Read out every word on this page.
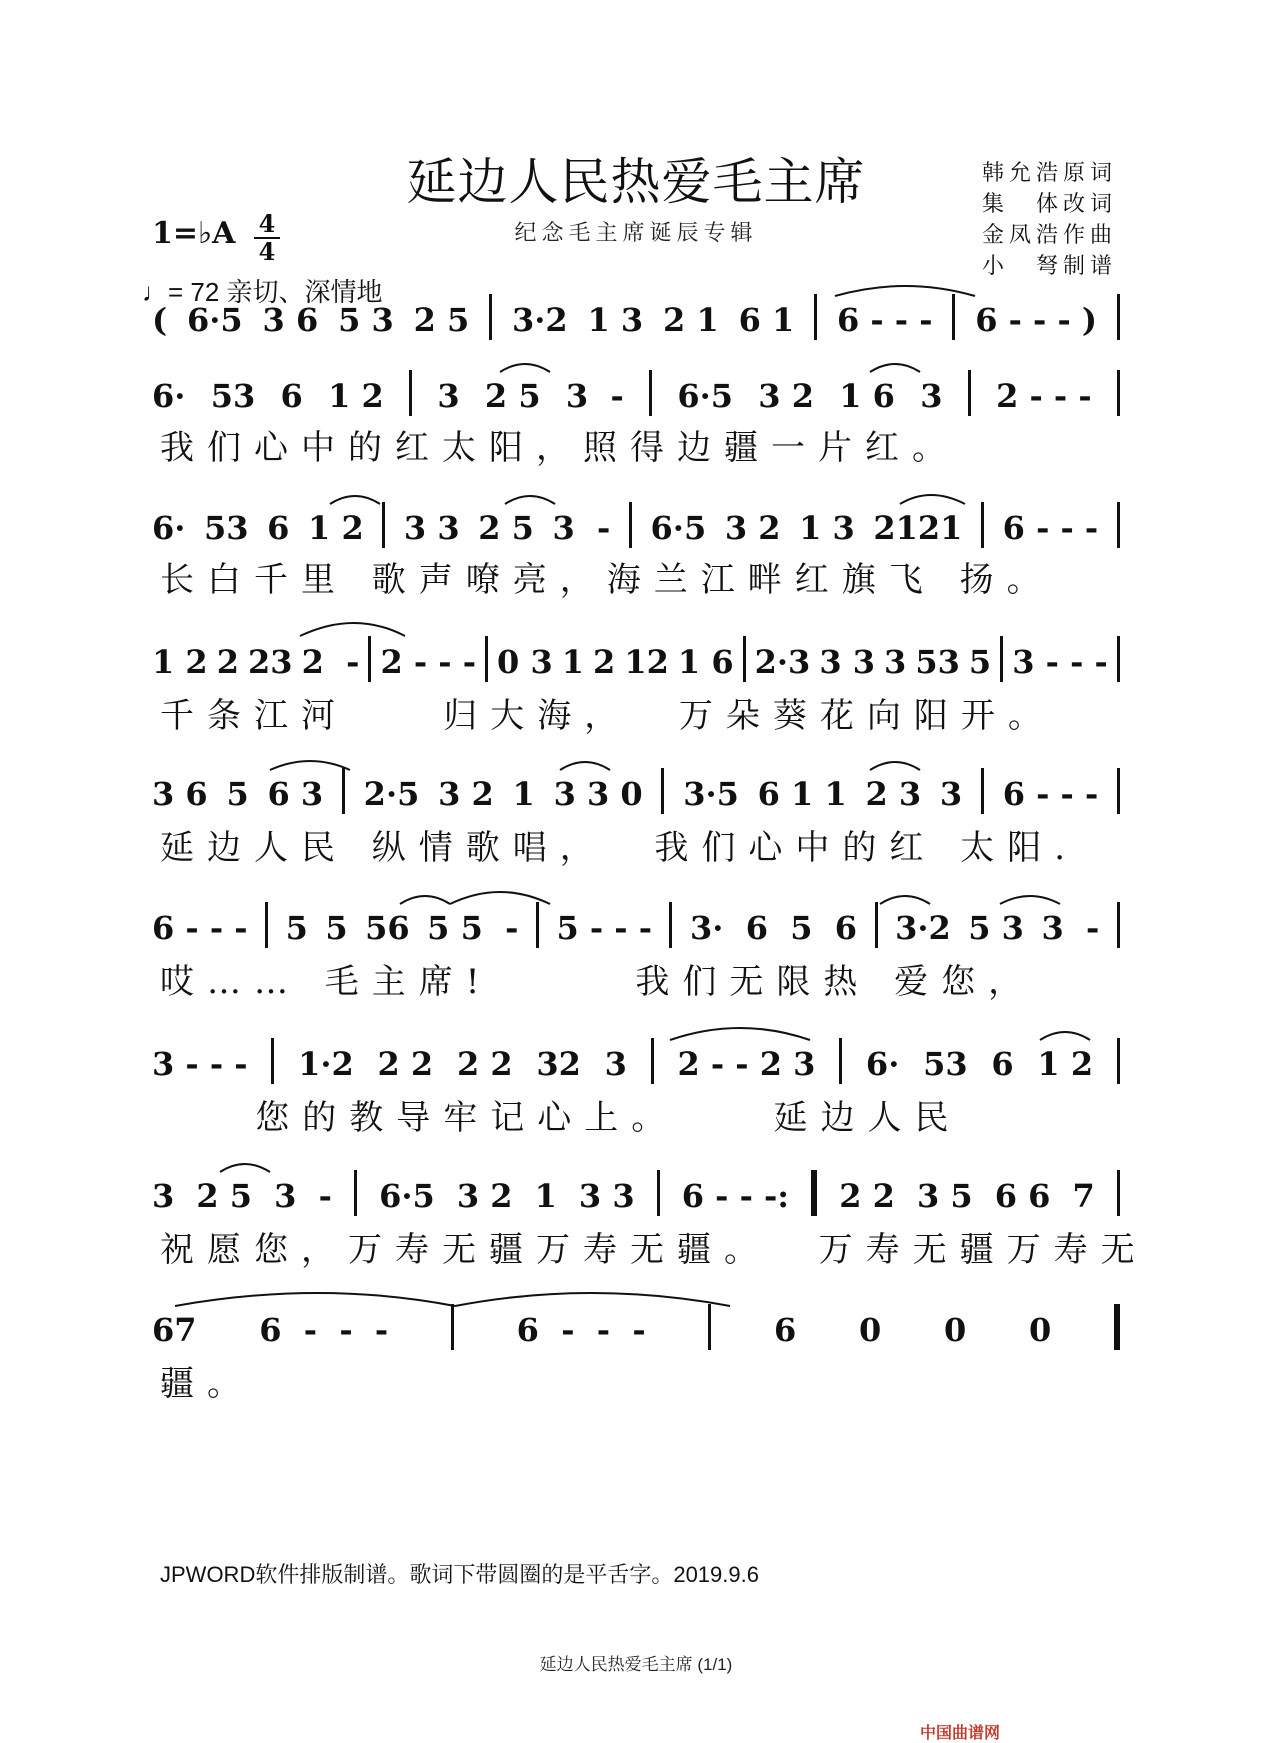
延边人民热爱毛主席
纪念毛主席诞辰专辑
韩允浩原词
集　体改词
金凤浩作曲
小　弩制谱
1=♭A 4
4
♩= 72 亲切、深情地
( 6·5 3 6 5 3 2 5 3·2 1 3 2 1 6 1 6 - - - 6 - - - )
6· 53 6 1 2 3 2 5 3  - 6·5 3 2 1 6 3 2 - - -
我们心中的红太阳，照得边疆一片红。
6· 53 6 1 2 3 3 2 5 3  - 6·5 3 2 1 3 2121 6 - - -
长白千里 歌声嘹亮，海兰江畔红旗飞 扬。
1 2 2 23 2  - 2 - - - 0 3 1 2 12 1 6 2·3 3 3 3 53 5 3 - - -
千条江河    归大海，  万朵葵花向阳开。
3 6 5 6 3 2·5 3 2 1 3 3 0 3·5 6 1 1 2 3 3 6 - - -
延边人民 纵情歌唱，  我们心中的红 太阳.
6 - - - 5 5 56 5 5  - 5 - - - 3·  6  5  6 3·2 5 3 3  -
哎…… 毛主席!      我们无限热 爱您，
3 - - - 1·2 2 2 2 2 32 3 2 - - 2 3 6· 53 6 1 2
您的教导牢记心上。    延边人民
3 2 5 3  - 6·5 3 2 1 3 3 6 - - -: 2 2 3 5 6 6 7
祝愿您，万寿无疆万寿无疆。  万寿无疆万寿无
67 6  -  -  -	6  -  -  -	6 0 0 0
疆。
JPWORD软件排版制谱。歌词下带圆圈的是平舌字。2019.9.6
延边人民热爱毛主席 (1/1)
中国曲谱网
